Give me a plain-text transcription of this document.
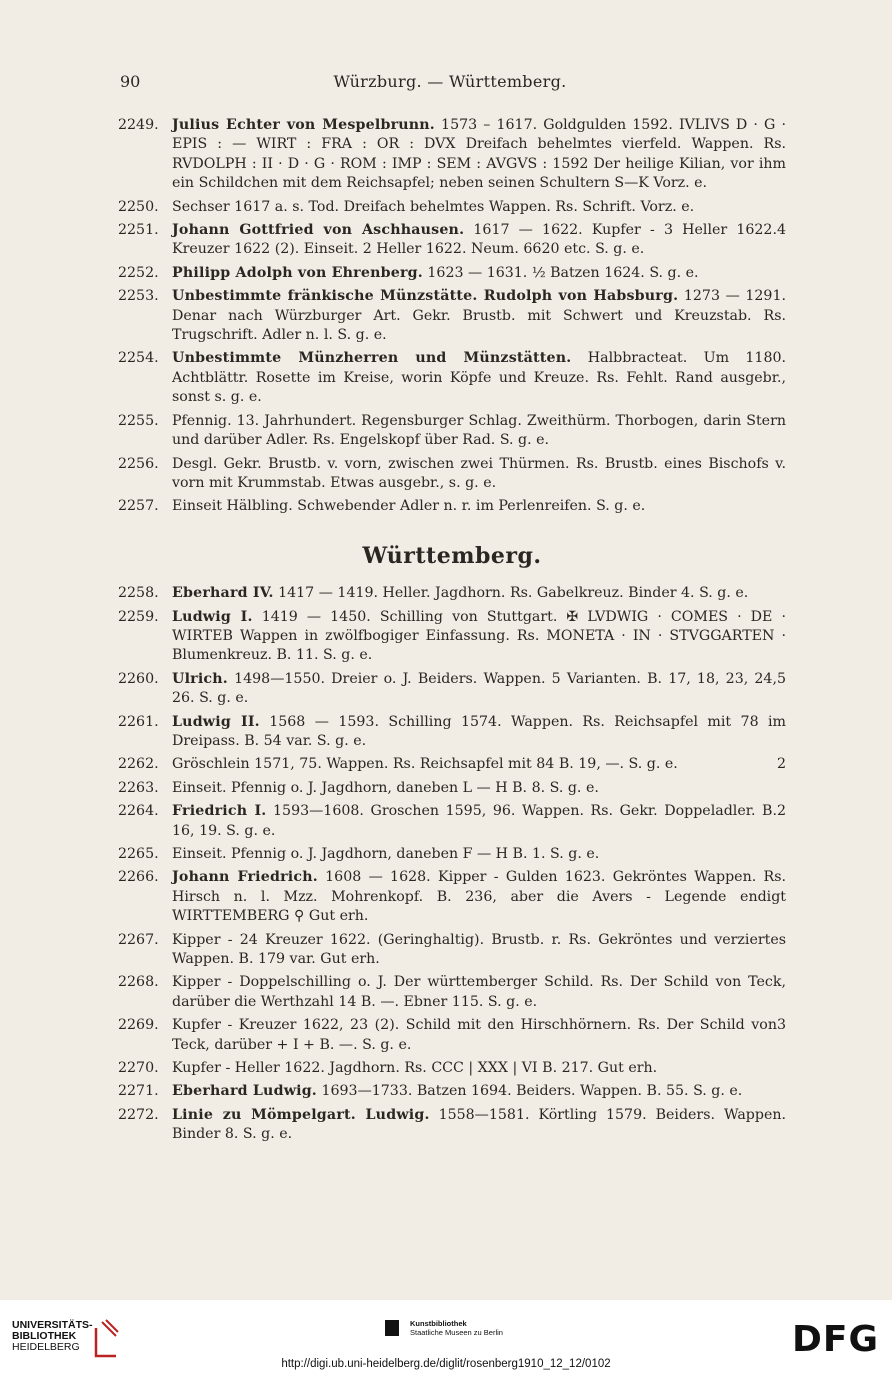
90	Würzburg. — Württemberg.
2249. Julius Echter von Mespelbrunn. 1573 – 1617. Goldgulden 1592. IVLIVS D · G · EPIS : — WIRT : FRA : OR : DVX Dreifach behelmtes vierfeld. Wappen. Rs. RVDOLPH : II · D · G · ROM : IMP : SEM : AVGVS : 1592 Der heilige Kilian, vor ihm ein Schildchen mit dem Reichsapfel; neben seinen Schultern S—K Vorz. e.
2250. Sechser 1617 a. s. Tod. Dreifach behelmtes Wappen. Rs. Schrift. Vorz. e.
2251.	4
Johann Gottfried von Aschhausen. 1617 — 1622. Kupfer - 3 Heller 1622. Kreuzer 1622 (2). Einseit. 2 Heller 1622. Neum. 6620 etc. S. g. e.
2252. Philipp Adolph von Ehrenberg. 1623 — 1631. ½ Batzen 1624. S. g. e.
2253. Unbestimmte fränkische Münzstätte. Rudolph von Habsburg. 1273 — 1291. Denar nach Würzburger Art. Gekr. Brustb. mit Schwert und Kreuzstab. Rs. Trugschrift. Adler n. l. S. g. e.
2254. Unbestimmte Münzherren und Münzstätten. Halbbracteat. Um 1180. Achtblättr. Rosette im Kreise, worin Köpfe und Kreuze. Rs. Fehlt. Rand ausgebr., sonst s. g. e.
2255. Pfennig. 13. Jahrhundert. Regensburger Schlag. Zweithürm. Thorbogen, darin Stern und darüber Adler. Rs. Engelskopf über Rad. S. g. e.
2256. Desgl. Gekr. Brustb. v. vorn, zwischen zwei Thürmen. Rs. Brustb. eines Bischofs v. vorn mit Krummstab. Etwas ausgebr., s. g. e.
2257. Einseit Hälbling. Schwebender Adler n. r. im Perlenreifen. S. g. e.
Württemberg.
2258. Eberhard IV. 1417 — 1419. Heller. Jagdhorn. Rs. Gabelkreuz. Binder 4. S. g. e.
2259. Ludwig I. 1419 — 1450. Schilling von Stuttgart. ✠ LVDWIG · COMES · DE · WIRTEB Wappen in zwölfbogiger Einfassung. Rs. MONETA · IN · STVGGARTEN · Blumenkreuz. B. 11. S. g. e.
2260.	5
Ulrich. 1498—1550. Dreier o. J. Beiders. Wappen. 5 Varianten. B. 17, 18, 23, 24, 26. S. g. e.
2261. Ludwig II. 1568 — 1593. Schilling 1574. Wappen. Rs. Reichsapfel mit 78 im Dreipass. B. 54 var. S. g. e.
2262.	2
Gröschlein 1571, 75. Wappen. Rs. Reichsapfel mit 84 B. 19, —. S. g. e.
2263. Einseit. Pfennig o. J. Jagdhorn, daneben L — H B. 8. S. g. e.
2264.	2
Friedrich I. 1593—1608. Groschen 1595, 96. Wappen. Rs. Gekr. Doppeladler. B. 16, 19. S. g. e.
2265. Einseit. Pfennig o. J. Jagdhorn, daneben F — H B. 1. S. g. e.
2266. Johann Friedrich. 1608 — 1628. Kipper - Gulden 1623. Gekröntes Wappen. Rs. Hirsch n. l. Mzz. Mohrenkopf. B. 236, aber die Avers - Legende endigt WIRTTEMBERG ⚲ Gut erh.
2267. Kipper - 24 Kreuzer 1622. (Geringhaltig). Brustb. r. Rs. Gekröntes und verziertes Wappen. B. 179 var. Gut erh.
2268. Kipper - Doppelschilling o. J. Der württemberger Schild. Rs. Der Schild von Teck, darüber die Werthzahl 14 B. —. Ebner 115. S. g. e.
2269.	3
Kupfer - Kreuzer 1622, 23 (2). Schild mit den Hirschhörnern. Rs. Der Schild von Teck, darüber + I + B. —. S. g. e.
2270. Kupfer - Heller 1622. Jagdhorn. Rs. CCC | XXX | VI B. 217. Gut erh.
2271. Eberhard Ludwig. 1693—1733. Batzen 1694. Beiders. Wappen. B. 55. S. g. e.
2272. Linie zu Mömpelgart. Ludwig. 1558—1581. Körtling 1579. Beiders. Wappen. Binder 8. S. g. e.
UNIVERSITÄTS-
BIBLIOTHEK
HEIDELBERG
Kunstbibliothek
Staatliche Museen zu Berlin	DFG
http://digi.ub.uni-heidelberg.de/diglit/rosenberg1910_12_12/0102
